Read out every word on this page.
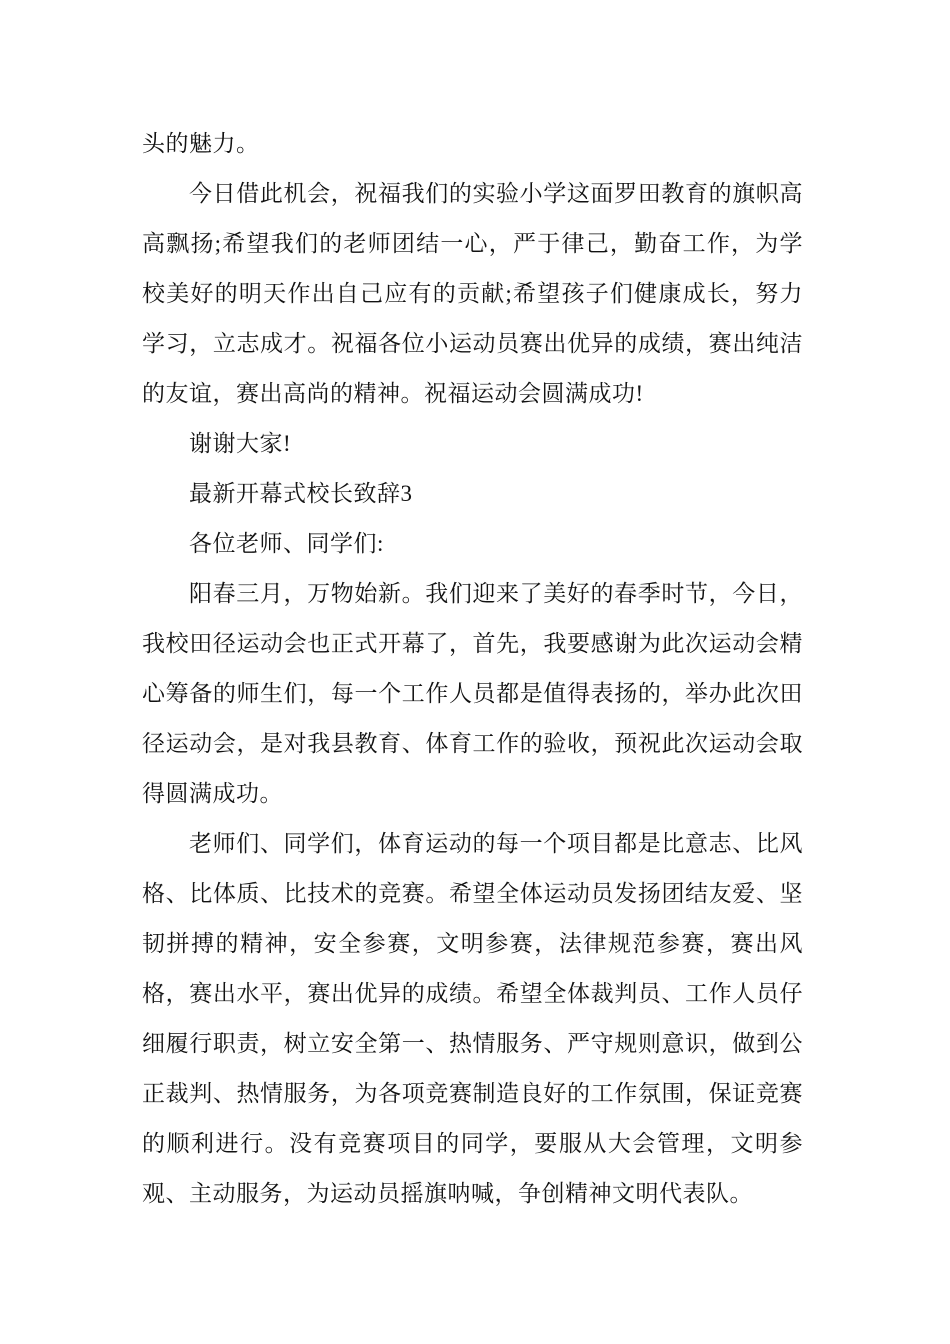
头的魅力。

今日借此机会，祝福我们的实验小学这面罗田教育的旗帜高高飘扬;希望我们的老师团结一心，严于律己，勤奋工作，为学校美好的明天作出自己应有的贡献;希望孩子们健康成长，努力学习，立志成才。祝福各位小运动员赛出优异的成绩，赛出纯洁的友谊，赛出高尚的精神。祝福运动会圆满成功!

谢谢大家!

最新开幕式校长致辞3

各位老师、同学们:

阳春三月，万物始新。我们迎来了美好的春季时节，今日，我校田径运动会也正式开幕了，首先，我要感谢为此次运动会精心筹备的师生们，每一个工作人员都是值得表扬的，举办此次田径运动会，是对我县教育、体育工作的验收，预祝此次运动会取得圆满成功。

老师们、同学们，体育运动的每一个项目都是比意志、比风格、比体质、比技术的竞赛。希望全体运动员发扬团结友爱、坚韧拼搏的精神，安全参赛，文明参赛，法律规范参赛，赛出风格，赛出水平，赛出优异的成绩。希望全体裁判员、工作人员仔细履行职责，树立安全第一、热情服务、严守规则意识，做到公正裁判、热情服务，为各项竞赛制造良好的工作氛围，保证竞赛的顺利进行。没有竞赛项目的同学，要服从大会管理，文明参观、主动服务，为运动员摇旗呐喊，争创精神文明代表队。
